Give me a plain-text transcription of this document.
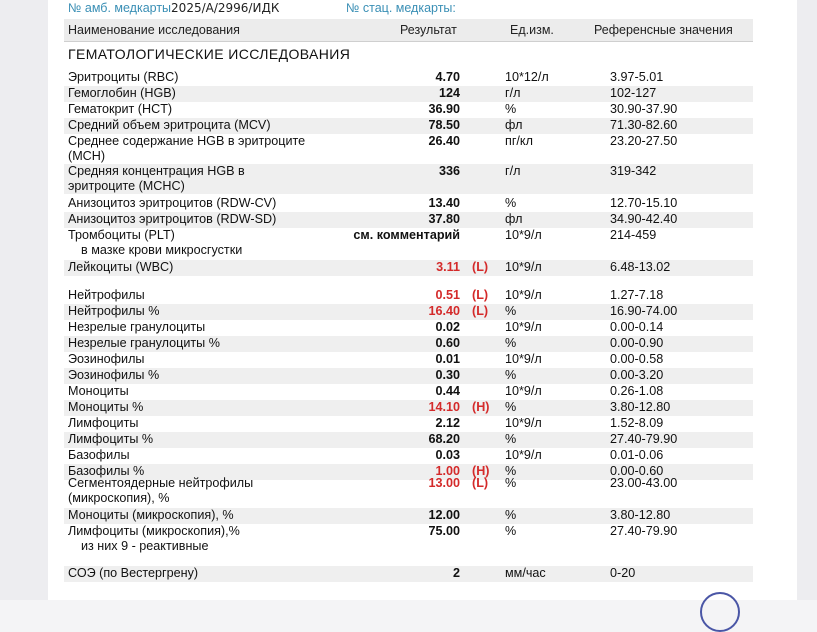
№ амб. медкарты2025/A/2996/ИДК	№ стац. медкарты:
Наименование исследования	Результат	Ед.изм.	Референсные значения
ГЕМАТОЛОГИЧЕСКИЕ ИССЛЕДОВАНИЯ
Эритроциты (RBC)	4.70	10*12/л	3.97-5.01
Гемоглобин (HGB)	124	г/л	102-127
Гематокрит (HCT)	36.90	%	30.90-37.90
Средний объем эритроцита (MCV)	78.50	фл	71.30-82.60
Среднее содержание HGB в эритроците
(MCH)
26.40	пг/кл	23.20-27.50
Средняя концентрация HGB в
эритроците (MCHC)
336	г/л	319-342
Анизоцитоз эритроцитов (RDW-CV)	13.40	%	12.70-15.10
Анизоцитоз эритроцитов (RDW-SD)	37.80	фл	34.90-42.40
Тромбоциты (PLT)
в мазке крови микросгустки
см. комментарий	10*9/л	214-459
Лейкоциты (WBC)	3.11 (L) 10*9/л	6.48-13.02
Нейтрофилы	0.51 (L) 10*9/л	1.27-7.18
Нейтрофилы %	16.40 (L) %	16.90-74.00
Незрелые гранулоциты	0.02	10*9/л	0.00-0.14
Незрелые гранулоциты %	0.60	%	0.00-0.90
Эозинофилы	0.01	10*9/л	0.00-0.58
Эозинофилы %	0.30	%	0.00-3.20
Моноциты	0.44	10*9/л	0.26-1.08
Моноциты %	14.10 (H) %	3.80-12.80
Лимфоциты	2.12	10*9/л	1.52-8.09
Лимфоциты %	68.20	%	27.40-79.90
Базофилы	0.03	10*9/л	0.01-0.06
Базофилы %	1.00 (H) %	0.00-0.60
Сегментоядерные нейтрофилы
(микроскопия), %
13.00 (L) %	23.00-43.00
Моноциты (микроскопия), %	12.00	%	3.80-12.80
Лимфоциты (микроскопия),%
из них 9 - реактивные
75.00	%	27.40-79.90
СОЭ (по Вестергрену)	2	мм/час	0-20
